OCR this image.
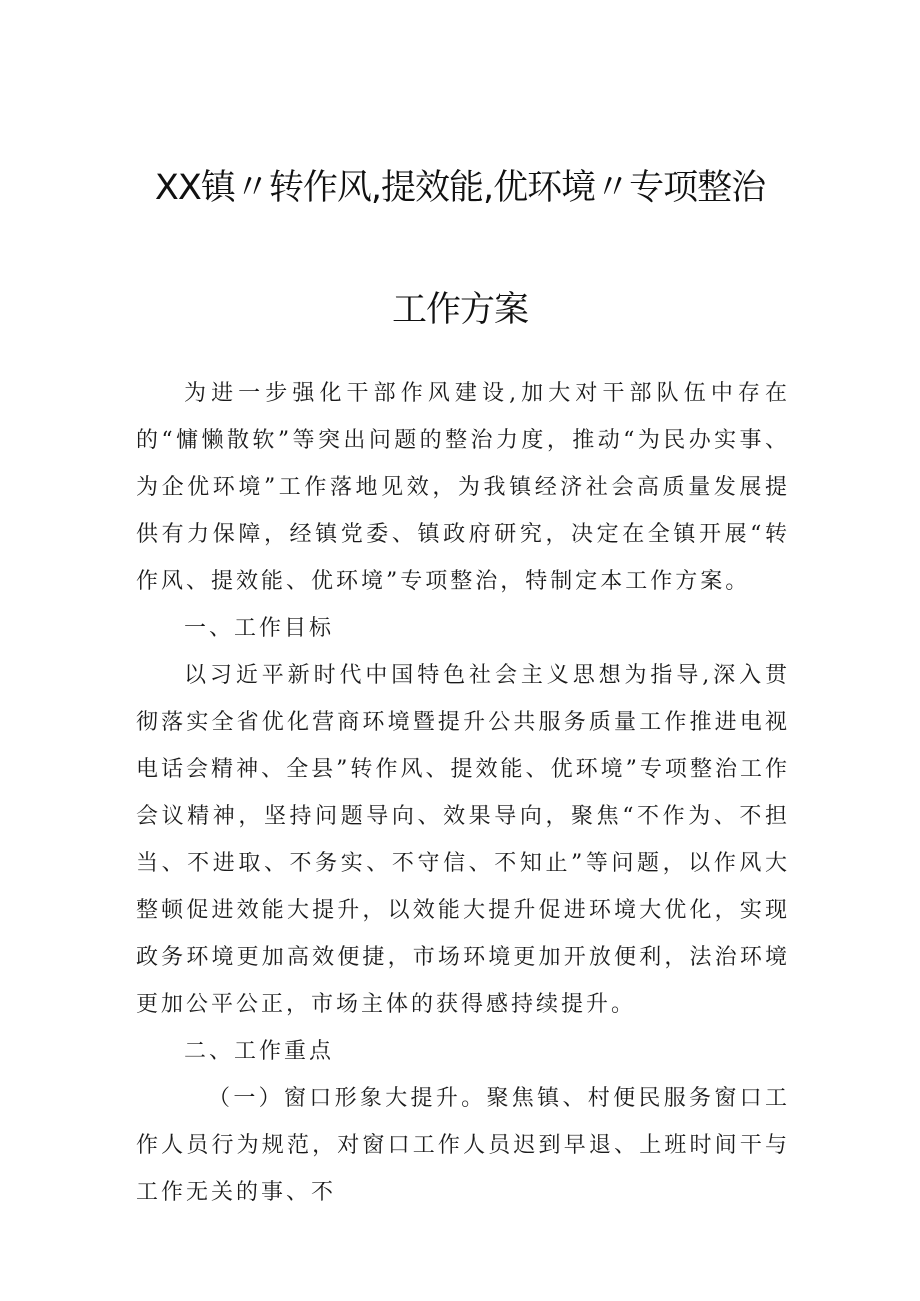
XX镇〃转作风,提效能,优环境〃专项整治
工作方案

为进一步强化干部作风建设,加大对干部队伍中存在的“慵懒散软”等突出问题的整治力度，推动“为民办实事、为企优环境”工作落地见效，为我镇经济社会高质量发展提供有力保障，经镇党委、镇政府研究，决定在全镇开展“转作风、提效能、优环境”专项整治，特制定本工作方案。

一、工作目标

以习近平新时代中国特色社会主义思想为指导,深入贯彻落实全省优化营商环境暨提升公共服务质量工作推进电视电话会精神、全县”转作风、提效能、优环境”专项整治工作会议精神，坚持问题导向、效果导向，聚焦“不作为、不担当、不进取、不务实、不守信、不知止”等问题，以作风大整顿促进效能大提升，以效能大提升促进环境大优化，实现政务环境更加高效便捷，市场环境更加开放便利，法治环境更加公平公正，市场主体的获得感持续提升。

二、工作重点

（一）窗口形象大提升。聚焦镇、村便民服务窗口工作人员行为规范，对窗口工作人员迟到早退、上班时间干与工作无关的事、不
